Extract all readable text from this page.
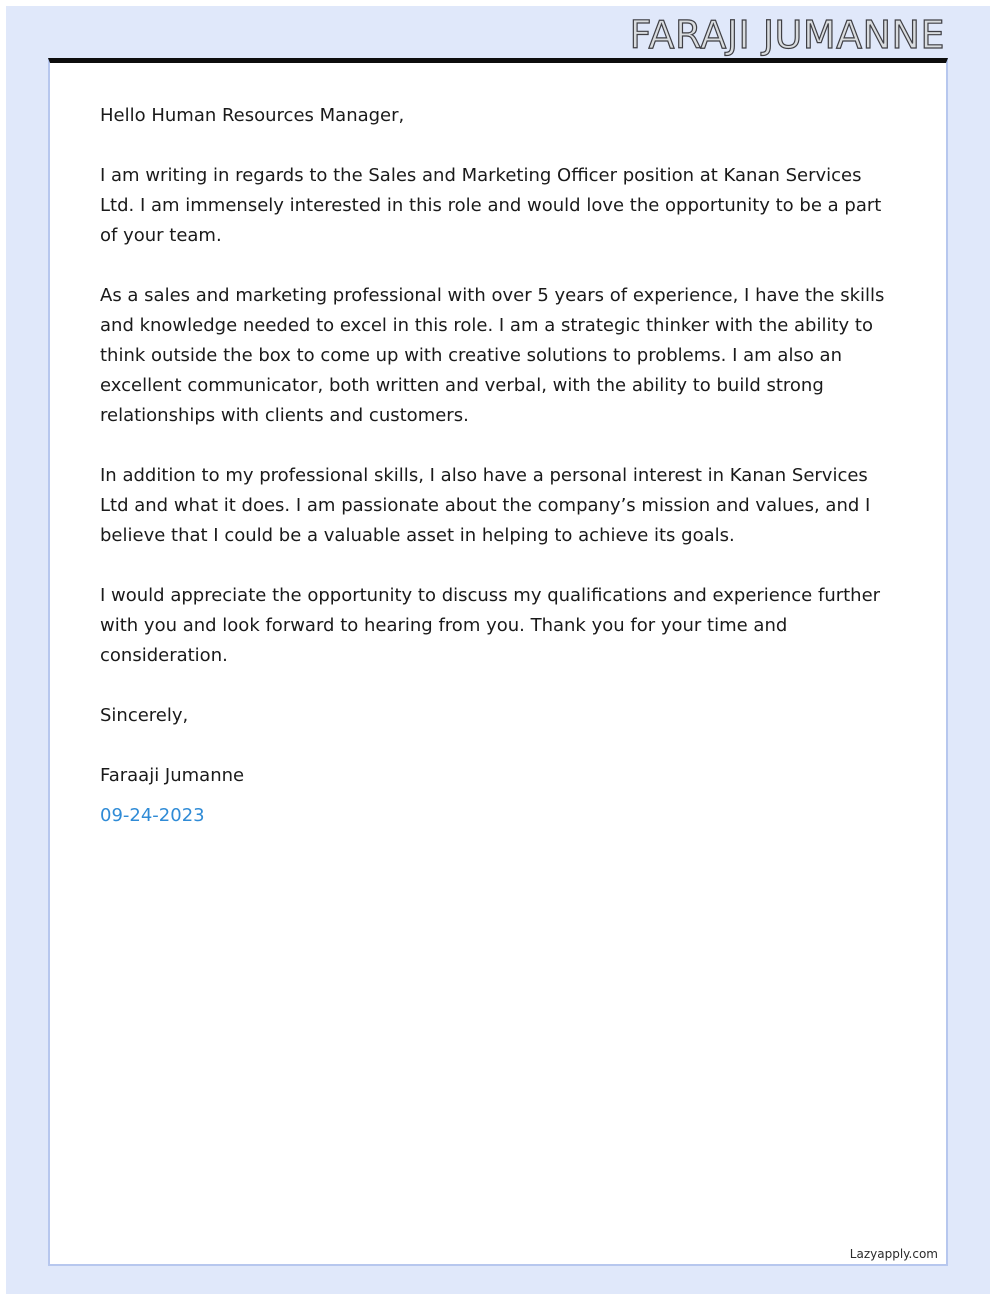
FARAJI JUMANNE

Hello Human Resources Manager,

I am writing in regards to the Sales and Marketing Officer position at Kanan Services Ltd. I am immensely interested in this role and would love the opportunity to be a part of your team.

As a sales and marketing professional with over 5 years of experience, I have the skills and knowledge needed to excel in this role. I am a strategic thinker with the ability to think outside the box to come up with creative solutions to problems. I am also an excellent communicator, both written and verbal, with the ability to build strong relationships with clients and customers.

In addition to my professional skills, I also have a personal interest in Kanan Services Ltd and what it does. I am passionate about the company’s mission and values, and I believe that I could be a valuable asset in helping to achieve its goals.

I would appreciate the opportunity to discuss my qualifications and experience further with you and look forward to hearing from you. Thank you for your time and consideration.

Sincerely,

Faraaji Jumanne

09-24-2023

Lazyapply.com
